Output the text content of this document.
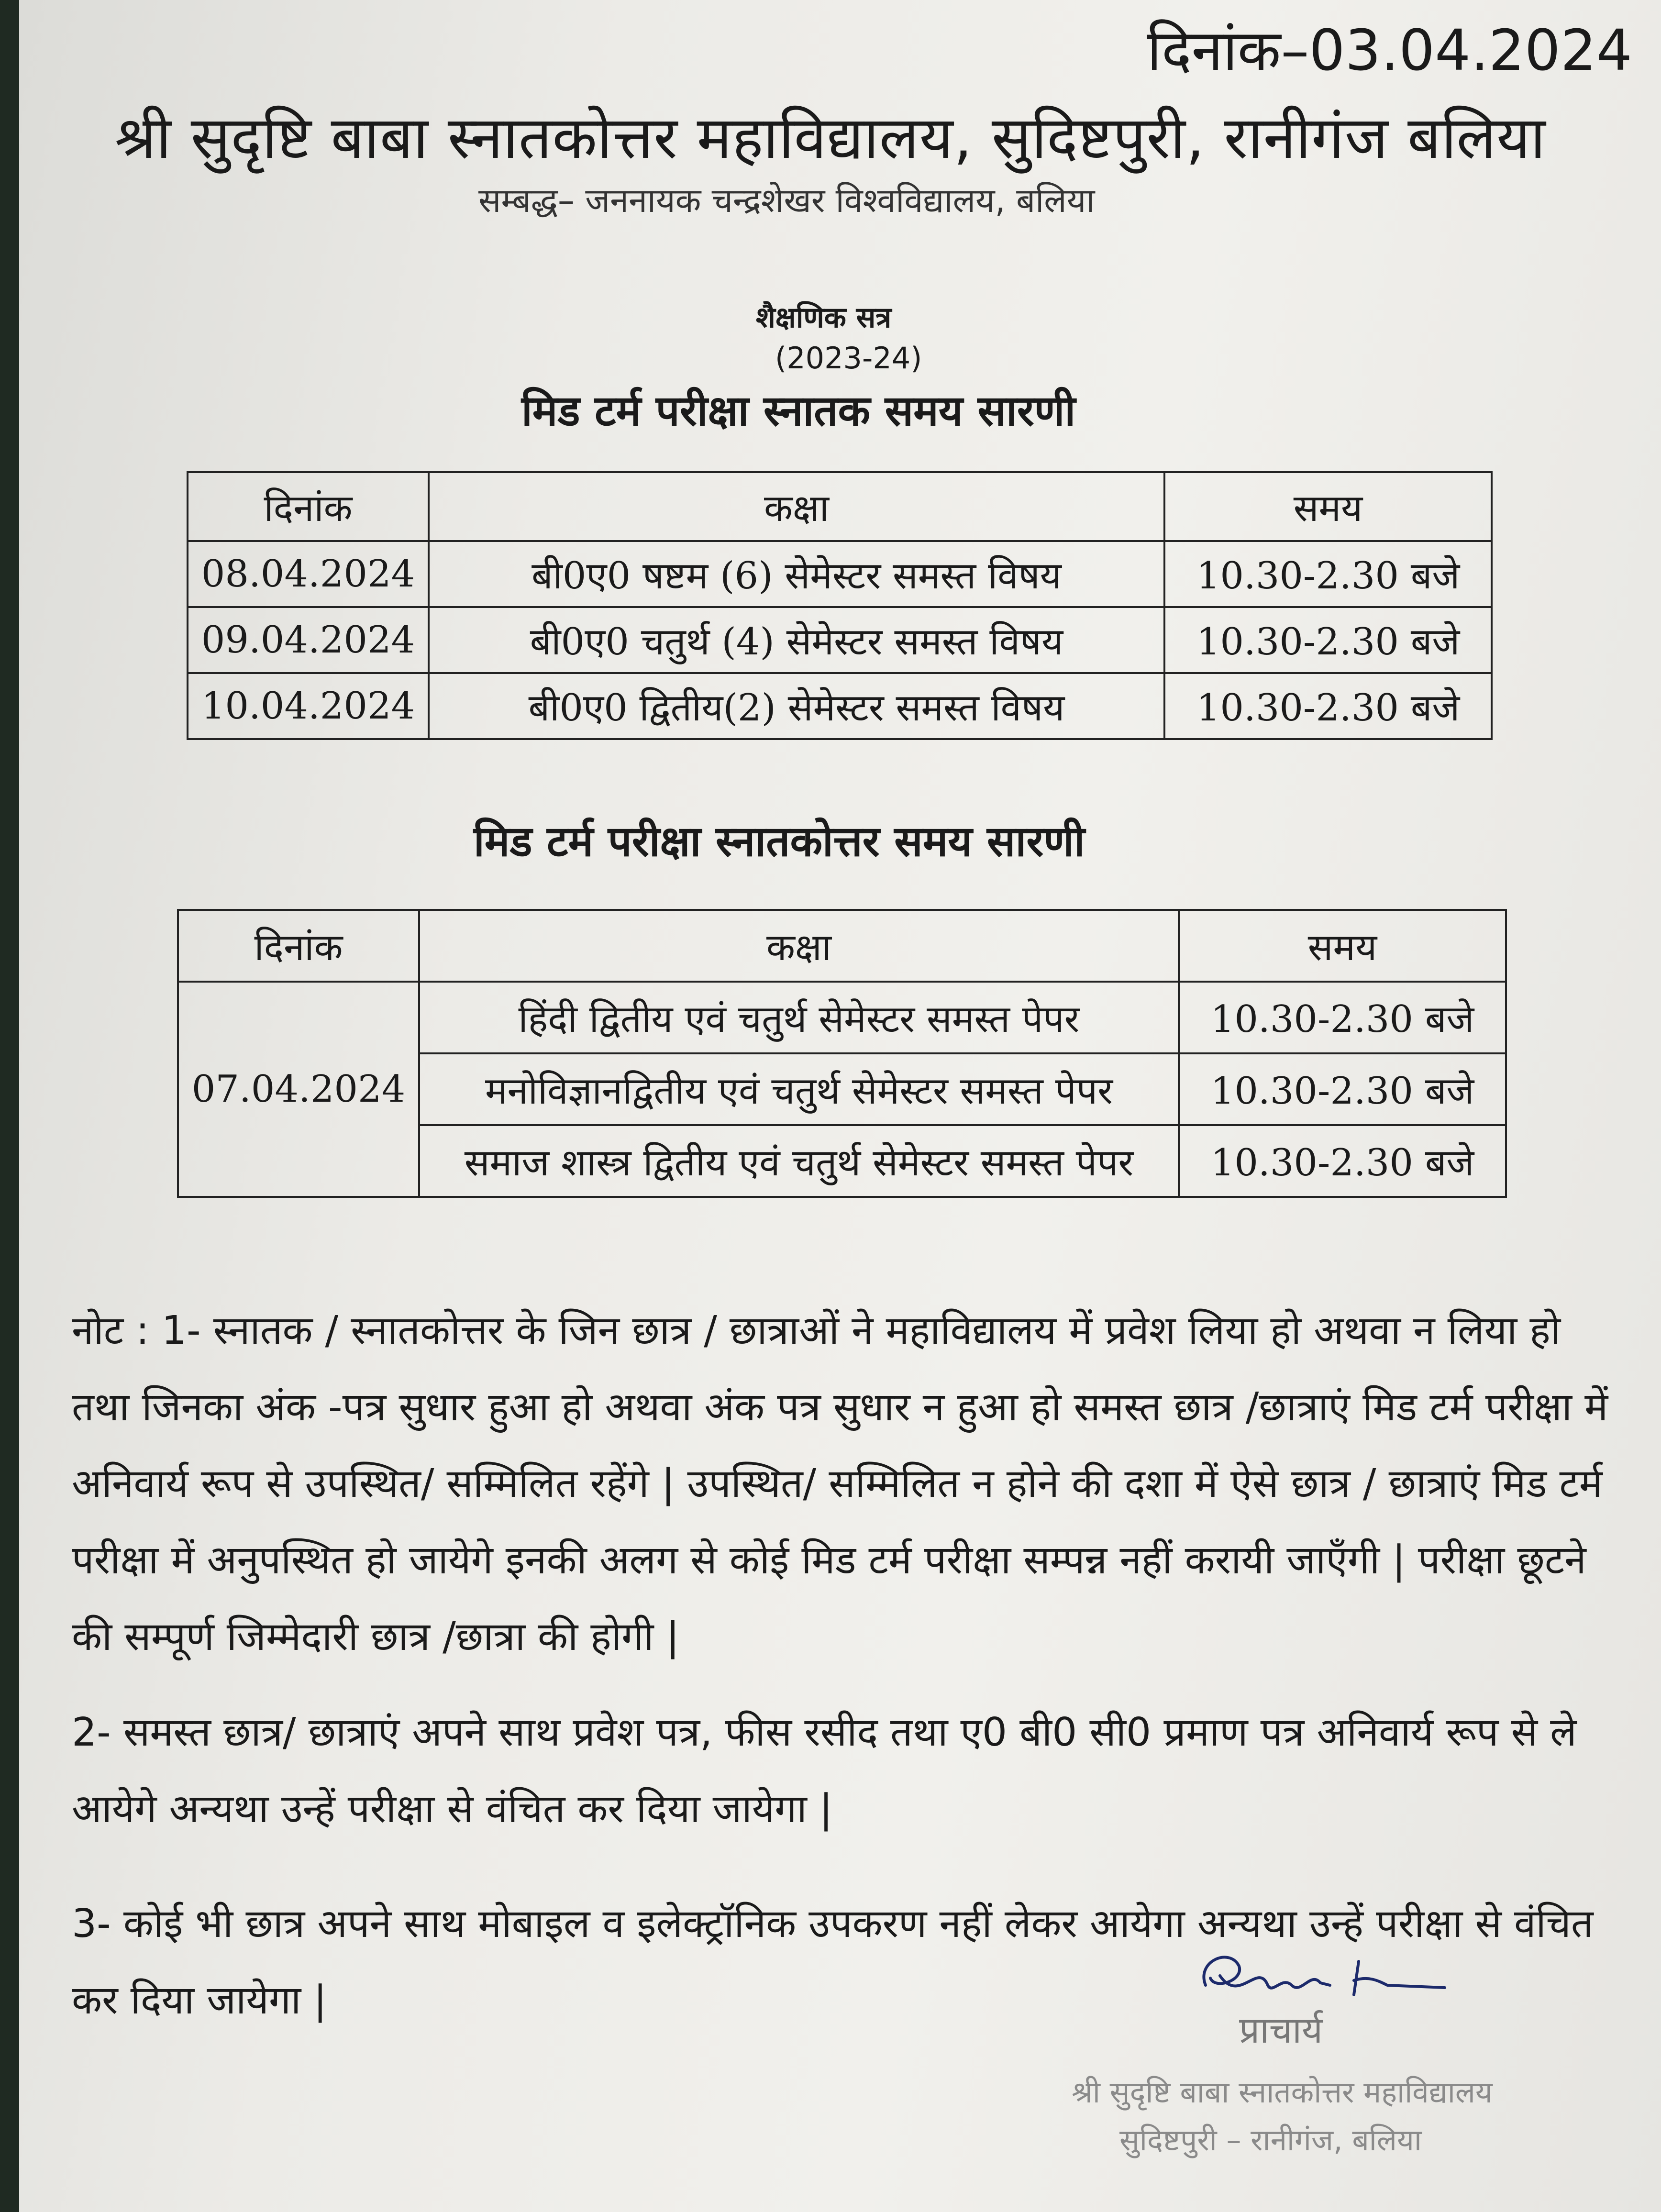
दिनांक–03.04.2024
श्री सुदृष्टि बाबा स्नातकोत्तर महाविद्यालय, सुदिष्टपुरी, रानीगंज बलिया
सम्बद्ध– जननायक चन्द्रशेखर विश्वविद्यालय, बलिया
शैक्षणिक सत्र
(2023-24)
मिड टर्म परीक्षा स्नातक समय सारणी
दिनांक	कक्षा	समय
08.04.2024	बी0ए0 षष्टम (6) सेमेस्टर समस्त विषय	10.30-2.30 बजे
09.04.2024	बी0ए0 चतुर्थ (4) सेमेस्टर समस्त विषय	10.30-2.30 बजे
10.04.2024	बी0ए0 द्वितीय(2) सेमेस्टर समस्त विषय	10.30-2.30 बजे
मिड टर्म परीक्षा स्नातकोत्तर समय सारणी
दिनांक	कक्षा	समय
07.04.2024	हिंदी द्वितीय एवं चतुर्थ सेमेस्टर समस्त पेपर	10.30-2.30 बजे
	मनोविज्ञानद्वितीय एवं चतुर्थ सेमेस्टर समस्त पेपर	10.30-2.30 बजे
	समाज शास्त्र द्वितीय एवं चतुर्थ सेमेस्टर समस्त पेपर	10.30-2.30 बजे

नोट : 1- स्नातक / स्नातकोत्तर के जिन छात्र / छात्राओं ने महाविद्यालय में प्रवेश लिया हो अथवा न लिया हो तथा जिनका अंक -पत्र सुधार हुआ हो अथवा अंक पत्र सुधार न हुआ हो समस्त छात्र /छात्राएं मिड टर्म परीक्षा में अनिवार्य रूप से उपस्थित/ सम्मिलित रहेंगे | उपस्थित/ सम्मिलित न होने की दशा में ऐसे छात्र / छात्राएं मिड टर्म परीक्षा में अनुपस्थित हो जायेगे इनकी अलग से कोई मिड टर्म परीक्षा सम्पन्न नहीं करायी जाएँगी | परीक्षा छूटने की सम्पूर्ण जिम्मेदारी छात्र /छात्रा की होगी |

2- समस्त छात्र/ छात्राएं अपने साथ प्रवेश पत्र, फीस रसीद तथा ए0 बी0 सी0 प्रमाण पत्र अनिवार्य रूप से ले आयेगे अन्यथा उन्हें परीक्षा से वंचित कर दिया जायेगा |

3- कोई भी छात्र अपने साथ मोबाइल व इलेक्ट्रॉनिक उपकरण नहीं लेकर आयेगा अन्यथा उन्हें परीक्षा से वंचित कर दिया जायेगा |

प्राचार्य
श्री सुदृष्टि बाबा स्नातकोत्तर महाविद्यालय
सुदिष्टपुरी – रानीगंज, बलिया
